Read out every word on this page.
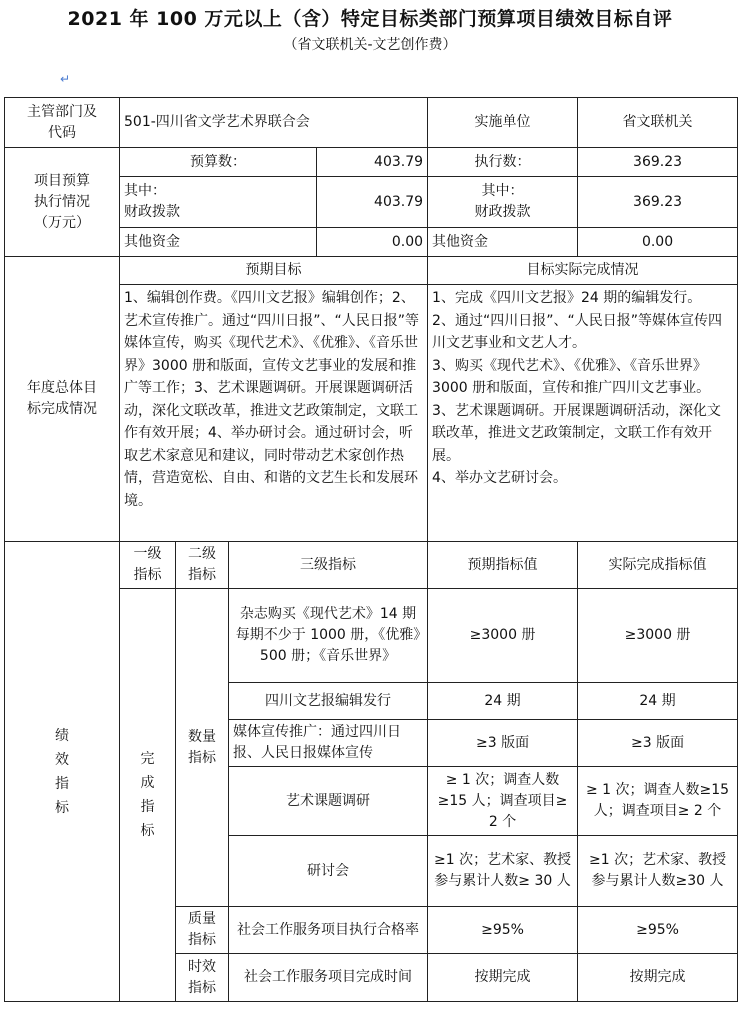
2021 年 100 万元以上（含）特定目标类部门预算项目绩效目标自评
（省文联机关-文艺创作费）
↵
主管部门及
代码	501-四川省文学艺术界联合会				实施单位	省文联机关
项目预算
执行情况
（万元）	预算数：			403.79	执行数：	369.23
	其中：
财政拨款			403.79	其中：
财政拨款	369.23
	其他资金			0.00	其他资金	0.00
年度总体目
标完成情况	预期目标				目标实际完成情况	
	1、编辑创作费。《四川文艺报》编辑创作；2、艺术宣传推广。通过“四川日报”、“人民日报”等媒体宣传，购买《现代艺术》、《优雅》、《音乐世界》3000 册和版面，宣传文艺事业的发展和推广等工作；3、艺术课题调研。开展课题调研活动，深化文联改革，推进文艺政策制定，文联工作有效开展；4、举办研讨会。通过研讨会，听取艺术家意见和建议，同时带动艺术家创作热情，营造宽松、自由、和谐的文艺生长和发展环境。				1、完成《四川文艺报》24 期的编辑发行。
2、通过“四川日报”、“人民日报”等媒体宣传四川文艺事业和文艺人才。
3、购买《现代艺术》、《优雅》、《音乐世界》3000 册和版面，宣传和推广四川文艺事业。
3、艺术课题调研。开展课题调研活动，深化文联改革，推进文艺政策制定，文联工作有效开展。
4、举办文艺研讨会。	
绩
效
指
标	一级
指标	二级
指标	三级指标		预期指标值	实际完成指标值
	完
成
指
标	数量
指标	杂志购买《现代艺术》14 期每期不少于 1000 册，《优雅》500 册；《音乐世界》		≥3000 册	≥3000 册
			四川文艺报编辑发行		24 期	24 期
			媒体宣传推广：通过四川日报、人民日报媒体宣传		≥3 版面	≥3 版面
			艺术课题调研		≥ 1 次；调查人数≥15 人；调查项目≥ 2 个	≥ 1 次；调查人数≥15 人；调查项目≥ 2 个
			研讨会		≥1 次；艺术家、教授参与累计人数≥ 30 人	≥1 次；艺术家、教授参与累计人数≥30 人
		质量
指标	社会工作服务项目执行合格率		≥95%	≥95%
		时效
指标	社会工作服务项目完成时间		按期完成	按期完成
